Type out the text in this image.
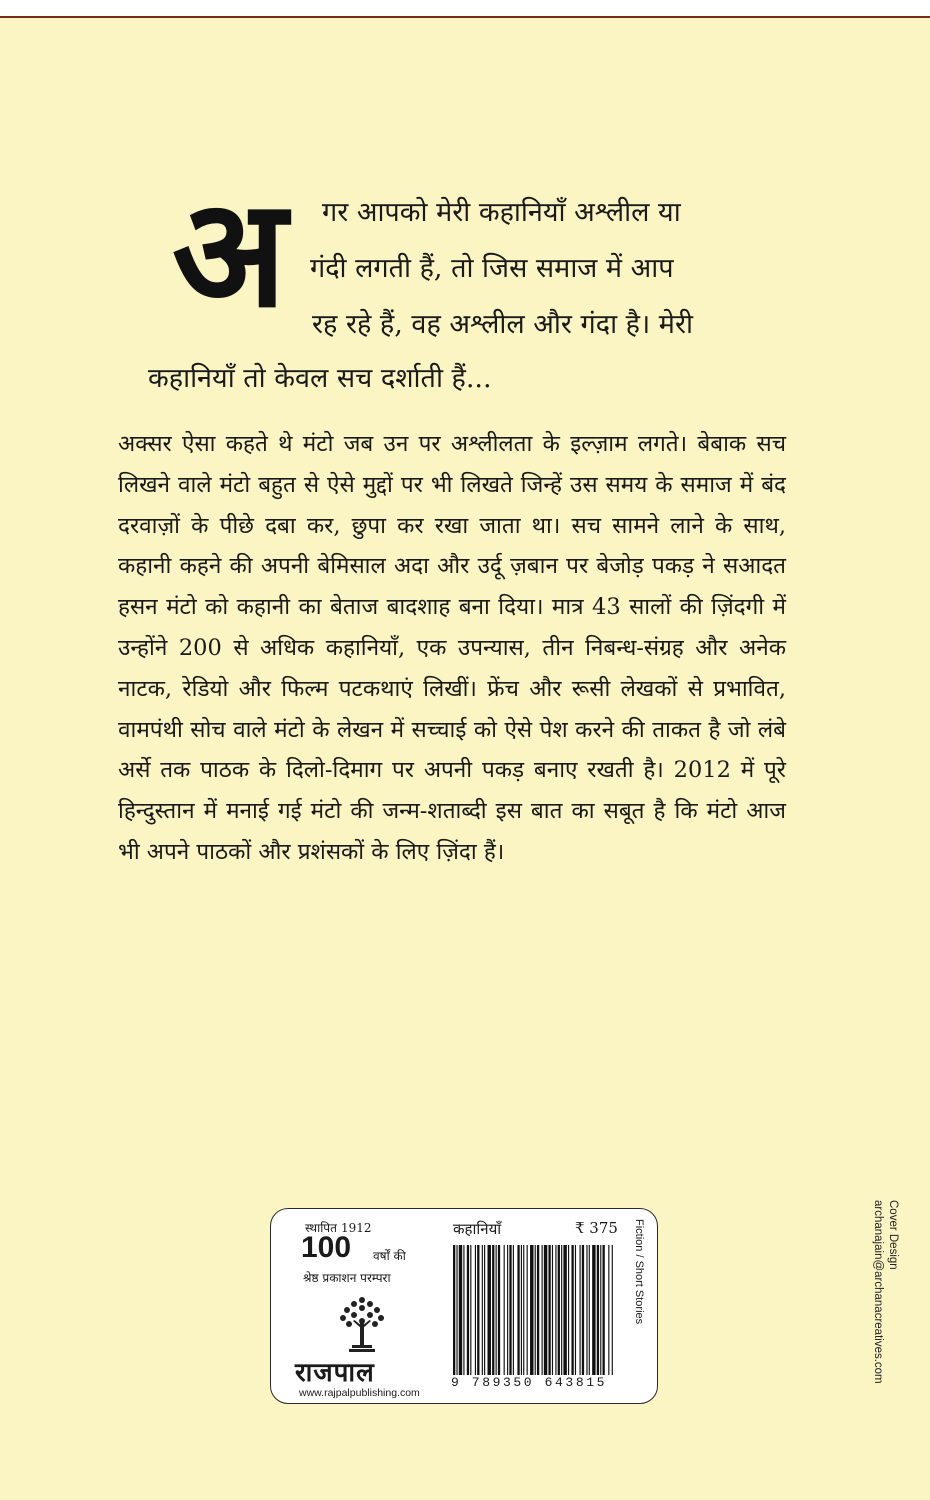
अ गर आपको मेरी कहानियाँ अश्लील या
गंदी लगती हैं, तो जिस समाज में आप
रह रहे हैं, वह अश्लील और गंदा है। मेरी
कहानियाँ तो केवल सच दर्शाती हैं...
अक्सर ऐसा कहते थे मंटो जब उन पर अश्लीलता के इल्ज़ाम लगते। बेबाक सच लिखने वाले मंटो बहुत से ऐसे मुद्दों पर भी लिखते जिन्हें उस समय के समाज में बंद दरवाज़ों के पीछे दबा कर, छुपा कर रखा जाता था। सच सामने लाने के साथ, कहानी कहने की अपनी बेमिसाल अदा और उर्दू ज़बान पर बेजोड़ पकड़ ने सआदत हसन मंटो को कहानी का बेताज बादशाह बना दिया। मात्र 43 सालों की ज़िंदगी में उन्होंने 200 से अधिक कहानियाँ, एक उपन्यास, तीन निबन्ध-संग्रह और अनेक नाटक, रेडियो और फिल्म पटकथाएं लिखीं। फ्रेंच और रूसी लेखकों से प्रभावित, वामपंथी सोच वाले मंटो के लेखन में सच्चाई को ऐसे पेश करने की ताकत है जो लंबे अर्से तक पाठक के दिलो-दिमाग पर अपनी पकड़ बनाए रखती है। 2012 में पूरे हिन्दुस्तान में मनाई गई मंटो की जन्म-शताब्दी इस बात का सबूत है कि मंटो आज भी अपने पाठकों और प्रशंसकों के लिए ज़िंदा हैं।
Cover Design
archanajain@archanacreatives.com
स्थापित 1912
100 वर्षों की
श्रेष्ठ प्रकाशन परम्परा
राजपाल
www.rajpalpublishing.com
कहानियाँ	₹ 375
9 789350 643815
Fiction / Short Stories
